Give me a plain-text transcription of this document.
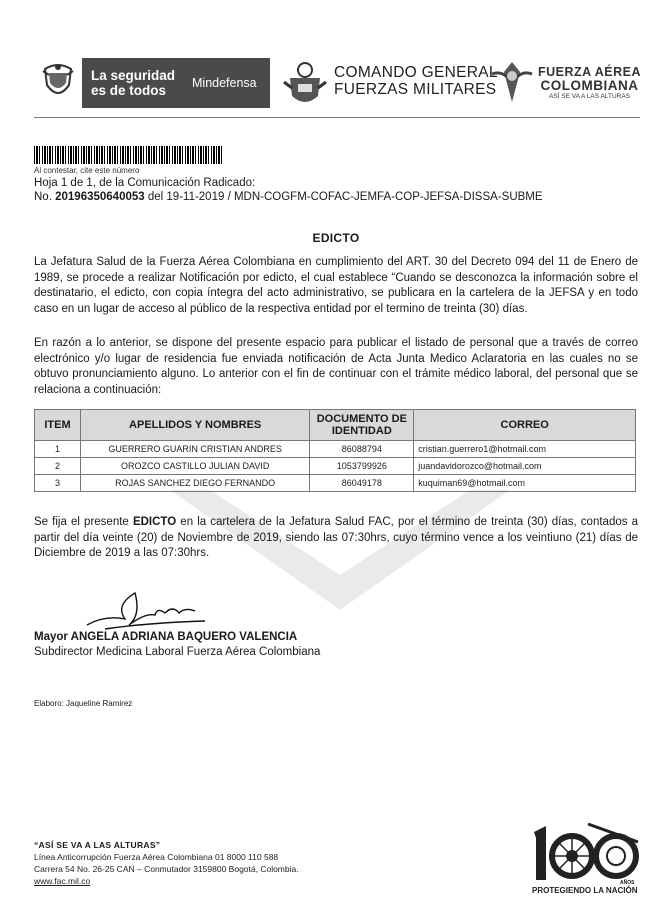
La seguridad es de todos	Mindefensa
COMANDO GENERAL
FUERZAS MILITARES
FUERZA AÉREA
COLOMBIANA
ASÍ SE VA A LAS ALTURAS
Al contestar, cite este número
Hoja 1 de 1, de la Comunicación Radicado:
No. 20196350640053 del 19-11-2019 / MDN-COGFM-COFAC-JEMFA-COP-JEFSA-DISSA-SUBME
EDICTO
La Jefatura Salud de la Fuerza Aérea Colombiana en cumplimiento del ART. 30 del Decreto 094 del 11 de Enero de 1989, se procede a realizar Notificación por edicto, el cual establece “Cuando se desconozca la información sobre el destinatario, el edicto, con copia íntegra del acto administrativo, se publicara en la cartelera de la JEFSA y en todo caso en un lugar de acceso al público de la respectiva entidad por el termino de treinta (30) días.
En razón a lo anterior, se dispone del presente espacio para publicar el listado de personal que a través de correo electrónico y/o lugar de residencia fue enviada notificación de Acta Junta Medico Aclaratoria en las cuales no se obtuvo pronunciamiento alguno. Lo anterior con el fin de continuar con el trámite médico laboral, del personal que se relaciona a continuación:
ITEM	APELLIDOS Y NOMBRES	DOCUMENTO DE IDENTIDAD	CORREO
1	GUERRERO GUARIN CRISTIAN ANDRES	86088794	cristian.guerrero1@hotmail.com
2	OROZCO CASTILLO JULIAN DAVID	1053799926	juandavidorozco@hotmail.com
3	ROJAS SANCHEZ DIEGO FERNANDO	86049178	kuquiman69@hotmail.com
Se fija el presente EDICTO en la cartelera de la Jefatura Salud FAC, por el término de treinta (30) días, contados a partir del día veinte (20) de Noviembre de 2019, siendo las 07:30hrs, cuyo término vence a los veintiuno (21) días de Diciembre de 2019 a las 07:30hrs.
Mayor ANGELA ADRIANA BAQUERO VALENCIA
Subdirector Medicina Laboral Fuerza Aérea Colombiana
Elaboro: Jaqueline Ramirez
“ASÍ SE VA A LAS ALTURAS”
Línea Anticorrupción Fuerza Aérea Colombiana 01 8000 110 588
Carrera 54 No. 26-25 CAN – Conmutador 3159800 Bogotá, Colombia.
www.fac.mil.co	AÑOS
PROTEGIENDO LA NACIÓN
